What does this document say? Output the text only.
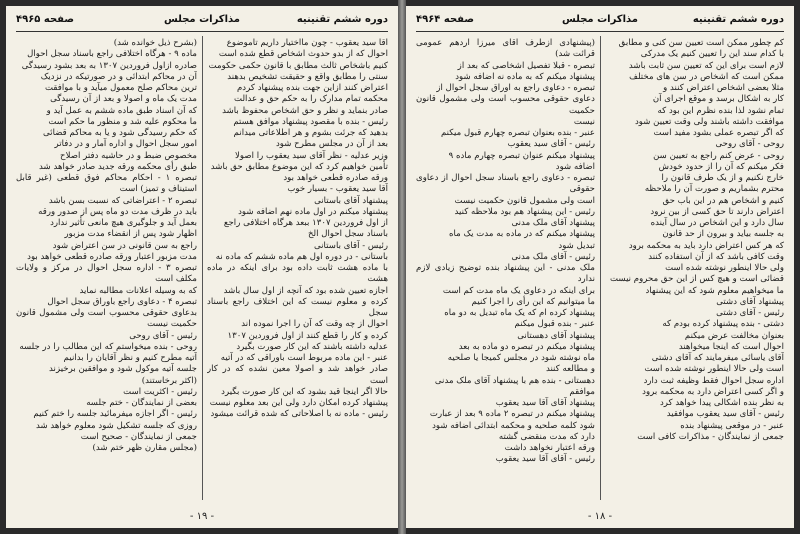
دوره ششم تقنینیه
مذاکرات مجلس
صفحه ۴۹۶۵

آقا سید یعقوب - چون مااختیار داریم تاموضوع

احوال که از بدو حدوث اشخاص قطع شده است

کنیم باشخاص ثالث مطابق با قانون حکمی حکومت

سنتی را مطابق واقع و حقیقت تشخیص بدهند

اعتراض کنند ازاین جهت بنده پیشنهاد کردم

محکمه تمام مدارک را به حکم حق و عدالت

صادر بنماید و نظر و حق اشخاص محفوظ باشد

رئیس - بنده با مقصود پیشنهاد موافق هستم

بدهید که جرئت بشوم و هر اطلاعاتی میدانم

بعد از آن در مجلس مطرح شود

وزیر عدلیه - نظر آقای سید یعقوب را اصولا

تأمین خواهیم کرد که این موضوع مطابق حق باشد

ورقه صادره قطعی خواهد بود

آقا سید یعقوب - بسیار خوب

پیشنهاد آقای باستانی

پیشنهاد میکنم در اول ماده نهم اضافه شود

از اول فروردین ۱۳۰۷ ببعد هرگاه اختلافی راجع

باسناد سجل احوال الخ

رئیس - آقای باستانی

باستانی - در دوره اول هم ماده ششم که ماده نه

با ماده هشت ثابت داده بود برای اینکه در ماده هشت

اجازه تعیین شده بود که آنچه از اول سال باشد

کرده و معلوم نیست که این اختلاف راجع باسناد سجل

احوال از چه وقت که آن را اجرا نموده اند

کرده و کار را قطع کنند از اول فروردین ۱۳۰۷

عدلیه داشته باشند که این کار صورت بگیرد

عنبر - این ماده مربوط است باوراقی که در آتیه

صادر خواهد شد و اصولا معین نشده که در کار است

حالا اگر اینجا قید بشود که این کار صورت بگیرد

پیشنهاد کرده امکان دارد ولی این بعد معلوم نیست

رئیس - ماده نه با اصلاحاتی که شده قرائت میشود

(بشرح ذیل خوانده شد)

ماده ۹ - هرگاه اختلافی راجع باسناد سجل احوال

صادره ازاول فروردین ۱۳۰۷ به بعد بشود رسیدگی

آن در محاکم ابتدائی و در صورتیکه در نزدیک

ترین محاکم صلح معمول میآید و با موافقت

مدت یک ماه و اصولا و بعد از آن رسیدگی

که آن اسناد طبق ماده ششم به عمل آید و

ما محکوم علیه شد و منظور ما حکم است

که حکم رسیدگی شود و یا به محاکم قضائی

امور سجل احوال و اداره آمار و در دفاتر

مخصوص ضبط و در حاشیه دفتر اصلاح

طبق رأی محکمه ورقه جدید صادر خواهد شد

تبصره ۱ - احکام محاکم فوق قطعی (غیر قابل استیناف و تمیز) است

تبصره ۲ - اعتراضاتی که نسبت بسن باشد

باید در ظرف مدت دو ماه پس از صدور ورقه

بعمل آید و جلوگیری هیچ مانعی تأثیر ندارد

اظهار شود پس از انقضاء مدت مزبور

راجع به سن قانونی در سن اعتراض شود

مدت مزبور اعتبار ورقه صادره قطعی خواهد بود

تبصره ۳ - اداره سجل احوال در مرکز و ولایات مکلف است

که به وسیله اعلانات مطالبه نماید

تبصره ۴ - دعاوی راجع باوراق سجل احوال

بدعاوی حقوقی محسوب است ولی مشمول قانون حکمیت نیست

رئیس - آقای روحی

روحی - بنده میخواستم که این مطالب را در جلسه

آتیه مطرح کنیم و نظر آقایان را بدانیم

جلسه آتیه موکول شود و موافقین برخیزند

(اکثر برخاستند)

رئیس - اکثریت است

بعضی از نمایندگان - ختم جلسه

رئیس - اگر اجازه میفرمائید جلسه را ختم کنیم

روزی که جلسه تشکیل شود معلوم خواهد شد

جمعی از نمایندگان - صحیح است

(مجلس مقارن ظهر ختم شد)

- ۱۹ -
دوره ششم تقنینیه
مذاکرات مجلس
صفحه ۴۹۶۴

کم چطور ممکن است تعیین سن کنی و مطابق

با کدام سند این را تعیین کنیم یک مدرکی

لازم است برای این که تعیین سن ثابت باشد

ممکن است که اشخاص در سن های مختلف

مثلا بعضی اشخاص اعتراض کنند و

کار به اشکال برسد و موقع اجرای آن

تمام نشود لذا بنده نظرم این بود که

موافقت داشته باشند ولی وقت تعیین شود

که اگر تبصره عملی بشود مفید است

روحی - آقای روحی

روحی - عرض کنم راجع به تعیین سن

فکر میکنم که آن را از حدود خودش

خارج نکنیم و از یک طرف قانون را

محترم بشماریم و صورت آن را ملاحظه

کنیم و اشخاص هم در این باب حق

اعتراض دارند تا حق کسی از بین نرود

سال دارد و این اشخاص در سال آینده

به جلسه بیاید و بیرون از حد قانون

که هر کس اعتراض دارد باید به محکمه برود

وقت کافی باشد که از آن استفاده کنند

ولی حالا اینطور نوشته شده است

قضائی است و هیچ کس از این حق محروم نیست

ما میخواهیم معلوم شود که این پیشنهاد

پیشنهاد آقای دشتی

رئیس - آقای دشتی

دشتی - بنده پیشنهاد کرده بودم که

بعنوان مخالفت عرض میکنم

احوال است که اینجا میخواهند

آقای یاسائی میفرمایند که آقای دشتی

است ولی حالا اینطور نوشته شده است

اداره سجل احوال فقط وظیفه ثبت دارد

و اگر کسی اعتراض دارد به محکمه برود

به نظر بنده اشکالی پیدا خواهد کرد

رئیس - آقای سید یعقوب موافقید

عنبر - در موقعی پیشنهاد بنده

جمعی از نمایندگان - مذاکرات کافی است

(پیشنهادی ازطرف آقای میرزا اردهم عمومی قرائت شد)

تبصره - قبلا تفصیل اشخاصی که بعد از

پیشنهاد میکنم که به ماده نه اضافه شود

تبصره - دعاوی راجع به اوراق سجل احوال از

دعاوی حقوقی محسوب است ولی مشمول قانون حکمیت

نیست

عنبر - بنده بعنوان تبصره چهارم قبول میکنم

رئیس - آقای سید یعقوب

پیشنهاد میکنم عنوان تبصره چهارم ماده ۹

اضافه شود

تبصره - دعاوی راجع باسناد سجل احوال از دعاوی حقوقی

است ولی مشمول قانون حکمیت نیست

رئیس - این پیشنهاد هم بود ملاحظه کنید

پیشنهاد آقای ملک مدنی

پیشنهاد میکنم که در ماده به مدت یک ماه

تبدیل شود

رئیس - آقای ملک مدنی

ملک مدنی - این پیشنهاد بنده توضیح زیادی لازم ندارد

برای اینکه در دعاوی یک ماه مدت کم است

ما میتوانیم که این رأی را اجرا کنیم

پیشنهاد کرده ام که یک ماه تبدیل به دو ماه

عنبر - بنده قبول میکنم

پیشنهاد آقای دهستانی

پیشنهاد میکنم در تبصره دو ماده به بعد

ماه نوشته شود در مجلس کمیجا یا صلحیه

و مطالعه کنند

دهستانی - بنده هم با پیشنهاد آقای ملک مدنی

موافقم

پیشنهاد آقای آقا سید یعقوب

پیشنهاد میکنم در تبصره ۲ ماده ۹ بعد از عبارت

شود کلمه صلحیه و محکمه ابتدائی اضافه شود

دارد که مدت منقضی گشته

ورقه اعتبار نخواهد داشت

رئیس - آقای آقا سید یعقوب

- ۱۸ -
